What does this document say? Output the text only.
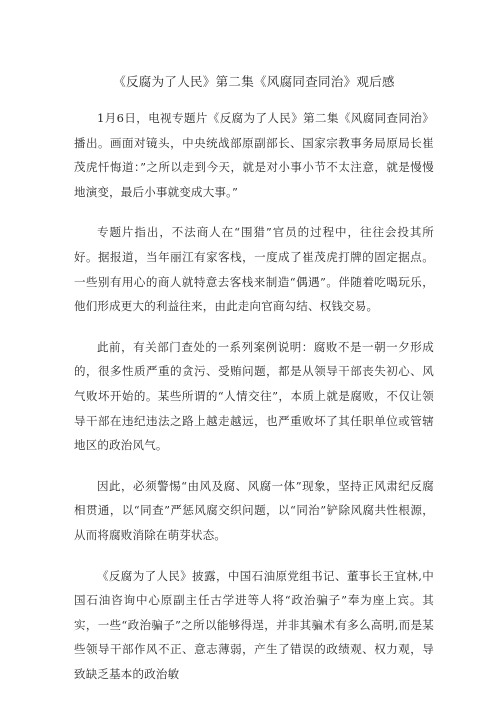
《反腐为了人民》第二集《风腐同查同治》观后感

1月6日，电视专题片《反腐为了人民》第二集《风腐同查同治》播出。画面对镜头，中央统战部原副部长、国家宗教事务局原局长崔茂虎忏悔道：”之所以走到今天，就是对小事小节不太注意，就是慢慢地演变，最后小事就变成大事。”

专题片指出，不法商人在“围猎”官员的过程中，往往会投其所好。据报道，当年丽江有家客栈，一度成了崔茂虎打牌的固定据点。一些别有用心的商人就特意去客栈来制造“偶遇”。伴随着吃喝玩乐，他们形成更大的利益往来，由此走向官商勾结、权钱交易。

此前，有关部门查处的一系列案例说明：腐败不是一朝一夕形成的，很多性质严重的贪污、受贿问题，都是从领导干部丧失初心、风气败坏开始的。某些所谓的“人情交往”，本质上就是腐败，不仅让领导干部在违纪违法之路上越走越远，也严重败坏了其任职单位或管辖地区的政治风气。

因此，必须警惕“由风及腐、风腐一体”现象，坚持正风肃纪反腐相贯通，以“同查”严惩风腐交织问题，以“同治”铲除风腐共性根源，从而将腐败消除在萌芽状态。

《反腐为了人民》披露，中国石油原党组书记、董事长王宜林,中国石油咨询中心原副主任古学进等人将“政治骗子”奉为座上宾。其实，一些“政治骗子”之所以能够得逞，并非其骗术有多么高明,而是某些领导干部作风不正、意志薄弱，产生了错误的政绩观、权力观，导致缺乏基本的政治敏
